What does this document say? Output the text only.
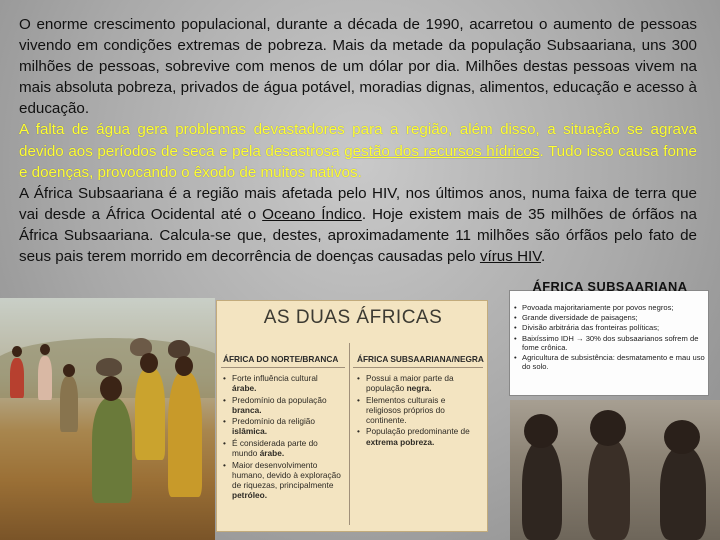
O enorme crescimento populacional, durante a década de 1990, acarretou o aumento de pessoas vivendo em condições extremas de pobreza. Mais da metade da população Subsaariana, uns 300 milhões de pessoas, sobrevive com menos de um dólar por dia. Milhões destas pessoas vivem na mais absoluta pobreza, privados de água potável, moradias dignas, alimentos, educação e acesso à educação.

A falta de água gera problemas devastadores para a região, além disso, a situação se agrava devido aos períodos de seca e pela desastrosa gestão dos recursos hídricos. Tudo isso causa fome e doenças, provocando o êxodo de muitos nativos.

A África Subsaariana é a região mais afetada pelo HIV, nos últimos anos, numa faixa de terra que vai desde a África Ocidental até o Oceano Índico. Hoje existem mais de 35 milhões de órfãos na África Subsaariana. Calcula-se que, destes, aproximadamente 11 milhões são órfãos pelo fato de seus pais terem morrido em decorrência de doenças causadas pelo vírus HIV.

AS DUAS ÁFRICAS
ÁFRICA DO NORTE/BRANCA ÁFRICA SUBSAARIANA/NEGRA
• Forte influência cultural árabe.
• Predomínio da população branca.
• Predomínio da religião islâmica.
• É considerada parte do mundo árabe.
• Maior desenvolvimento humano, devido à exploração de riquezas, principalmente petróleo.
• Possui a maior parte da população negra.
• Elementos culturais e religiosos próprios do continente.
• População predominante de extrema pobreza.
ÁFRICA SUBSAARIANA
• Povoada majoritariamente por povos negros;
• Grande diversidade de paisagens;
• Divisão arbitrária das fronteiras políticas;
• Baixíssimo IDH → 30% dos subsaarianos sofrem de fome crônica.
• Agricultura de subsistência: desmatamento e mau uso do solo.
